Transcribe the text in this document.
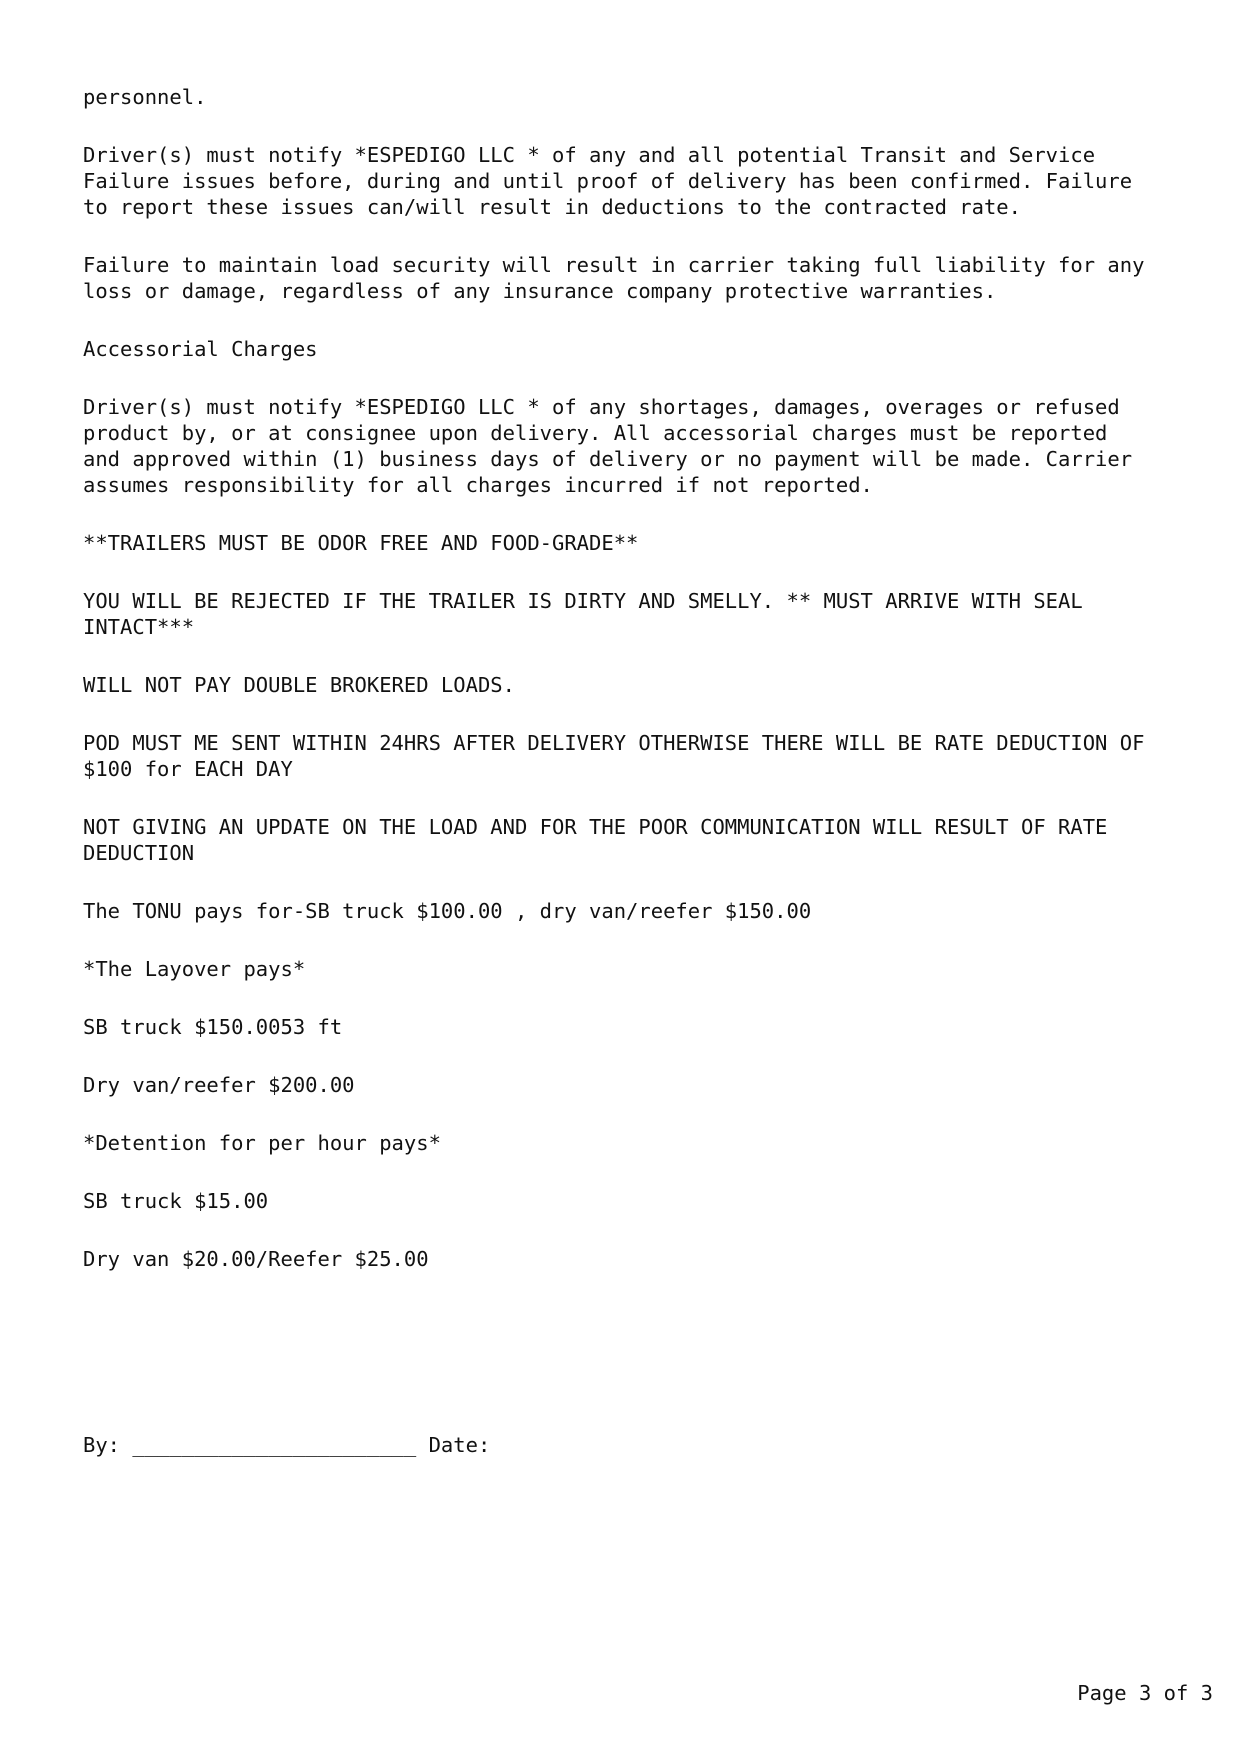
personnel.

Driver(s) must notify *ESPEDIGO LLC * of any and all potential Transit and Service
Failure issues before, during and until proof of delivery has been confirmed. Failure
to report these issues can/will result in deductions to the contracted rate.

Failure to maintain load security will result in carrier taking full liability for any
loss or damage, regardless of any insurance company protective warranties.

Accessorial Charges

Driver(s) must notify *ESPEDIGO LLC * of any shortages, damages, overages or refused
product by, or at consignee upon delivery. All accessorial charges must be reported
and approved within (1) business days of delivery or no payment will be made. Carrier
assumes responsibility for all charges incurred if not reported.

**TRAILERS MUST BE ODOR FREE AND FOOD-GRADE**

YOU WILL BE REJECTED IF THE TRAILER IS DIRTY AND SMELLY. ** MUST ARRIVE WITH SEAL
INTACT***

WILL NOT PAY DOUBLE BROKERED LOADS.

POD MUST ME SENT WITHIN 24HRS AFTER DELIVERY OTHERWISE THERE WILL BE RATE DEDUCTION OF
$100 for EACH DAY

NOT GIVING AN UPDATE ON THE LOAD AND FOR THE POOR COMMUNICATION WILL RESULT OF RATE
DEDUCTION

The TONU pays for-SB truck $100.00 , dry van/reefer $150.00

*The Layover pays*

SB truck $150.0053 ft

Dry van/reefer $200.00

*Detention for per hour pays*

SB truck $15.00

Dry van $20.00/Reefer $25.00

By: _______________________ Date:
Page 3 of 3
